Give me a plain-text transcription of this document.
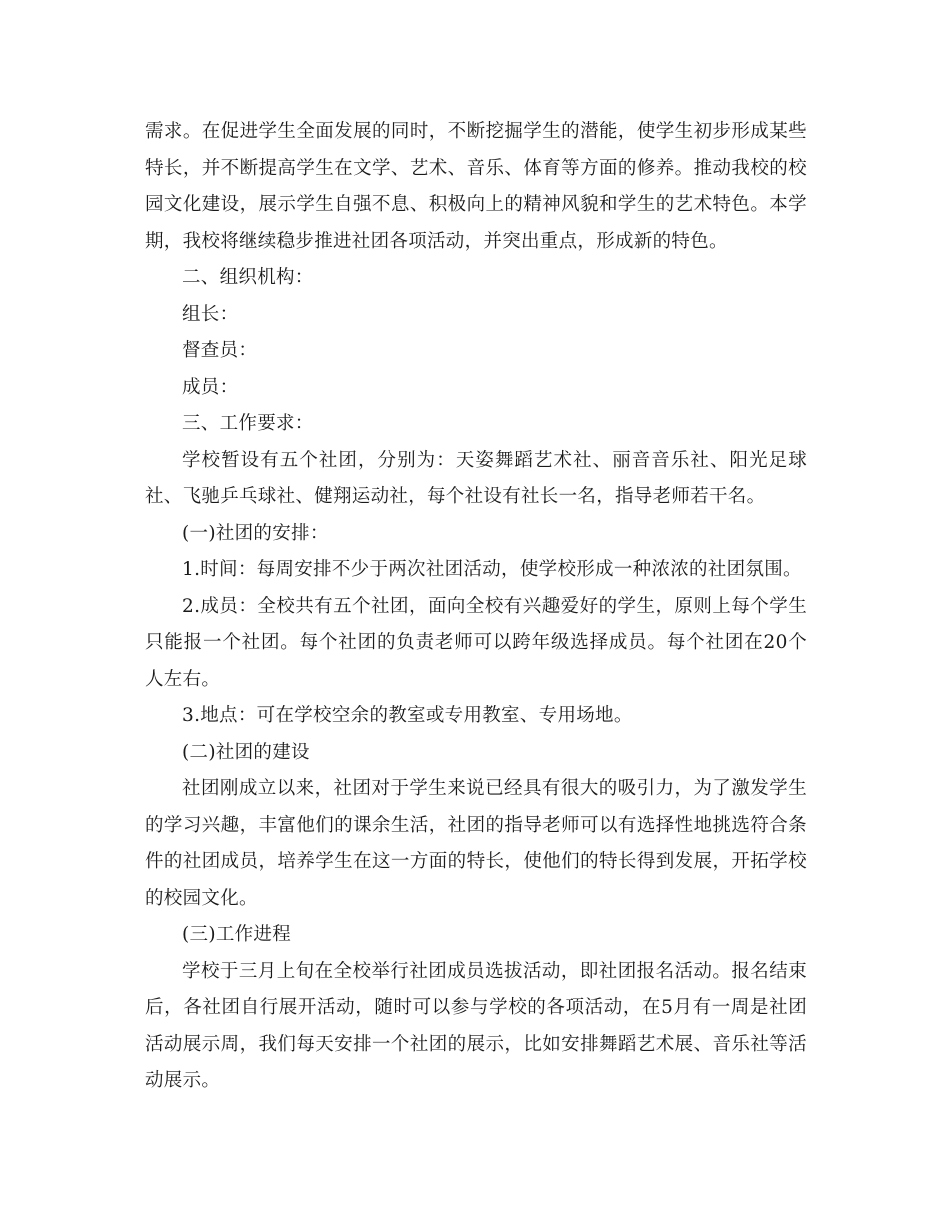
需求。在促进学生全面发展的同时，不断挖掘学生的潜能，使学生初步形成某些特长，并不断提高学生在文学、艺术、音乐、体育等方面的修养。推动我校的校园文化建设，展示学生自强不息、积极向上的精神风貌和学生的艺术特色。本学期，我校将继续稳步推进社团各项活动，并突出重点，形成新的特色。

二、组织机构：

组长：

督查员：

成员：

三、工作要求：

学校暂设有五个社团，分别为：天姿舞蹈艺术社、丽音音乐社、阳光足球社、飞驰乒乓球社、健翔运动社，每个社设有社长一名，指导老师若干名。

(一)社团的安排：

1.时间：每周安排不少于两次社团活动，使学校形成一种浓浓的社团氛围。

2.成员：全校共有五个社团，面向全校有兴趣爱好的学生，原则上每个学生只能报一个社团。每个社团的负责老师可以跨年级选择成员。每个社团在20个人左右。

3.地点：可在学校空余的教室或专用教室、专用场地。

(二)社团的建设

社团刚成立以来，社团对于学生来说已经具有很大的吸引力，为了激发学生的学习兴趣，丰富他们的课余生活，社团的指导老师可以有选择性地挑选符合条件的社团成员，培养学生在这一方面的特长，使他们的特长得到发展，开拓学校的校园文化。

(三)工作进程

学校于三月上旬在全校举行社团成员选拔活动，即社团报名活动。报名结束后，各社团自行展开活动，随时可以参与学校的各项活动，在5月有一周是社团活动展示周，我们每天安排一个社团的展示，比如安排舞蹈艺术展、音乐社等活动展示。
